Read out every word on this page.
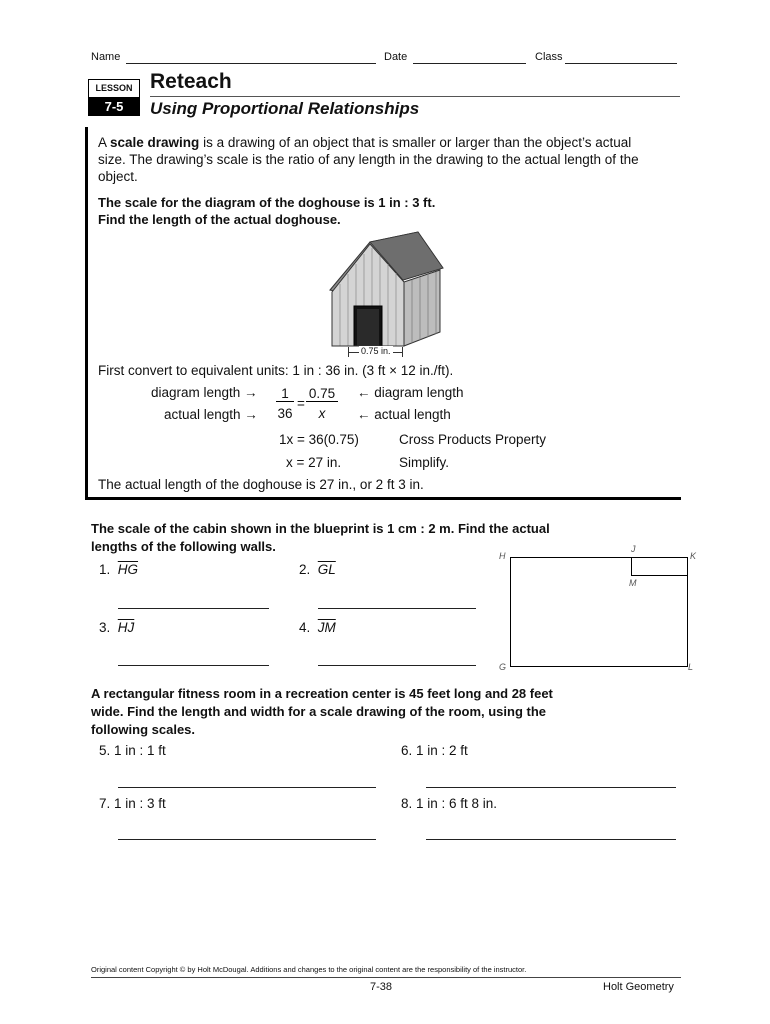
Name	Date	Class
LESSON
7-5
Reteach
Using Proportional Relationships
A scale drawing is a drawing of an object that is smaller or larger than the object’s actual
size. The drawing’s scale is the ratio of any length in the drawing to the actual length of the
object.
The scale for the diagram of the doghouse is 1 in : 3 ft.
Find the length of the actual doghouse.
0.75 in.
First convert to equivalent units: 1 in : 36 in. (3 ft × 12 in./ft).
diagram length →
actual length →
1
36
=
0.75
x
← diagram length
← actual length
1x = 36(0.75)	Cross Products Property
x = 27 in.	Simplify.
The actual length of the doghouse is 27 in., or 2 ft 3 in.
The scale of the cabin shown in the blueprint is 1 cm : 2 m. Find the actual
lengths of the following walls.
1. $\overline{HG}$	2. $\overline{GL}$
3. $\overline{HJ}$	4. $\overline{JM}$
H
J
K
M
G	L
A rectangular fitness room in a recreation center is 45 feet long and 28 feet
wide. Find the length and width for a scale drawing of the room, using the
following scales.
5. 1 in : 1 ft	6. 1 in : 2 ft
7. 1 in : 3 ft	8. 1 in : 6 ft 8 in.
Original content Copyright © by Holt McDougal. Additions and changes to the original content are the responsibility of the instructor.
7-38	Holt Geometry
